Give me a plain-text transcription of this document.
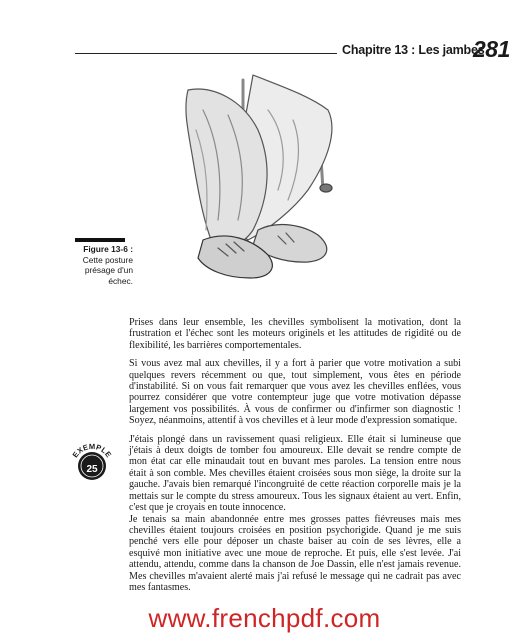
Chapitre 13 : Les jambes
281
Figure 13-6 :
Cette posture présage d'un échec.
EXEMPLE
25

Prises dans leur ensemble, les chevilles symbolisent la motivation, dont la frustration et l'échec sont les moteurs originels et les attitudes de rigidité ou de flexibilité, les barrières comportementales.

Si vous avez mal aux chevilles, il y a fort à parier que votre motivation a subi quelques revers récemment ou que, tout simplement, vous êtes en période d'instabilité. Si on vous fait remarquer que vous avez les chevilles enflées, vous pourrez considérer que votre contempteur juge que votre motivation dépasse largement vos possibilités. À vous de confirmer ou d'infirmer son diagnostic ! Soyez, néanmoins, attentif à vos chevilles et à leur mode d'expression somatique.

J'étais plongé dans un ravissement quasi religieux. Elle était si lumineuse que j'étais à deux doigts de tomber fou amoureux. Elle devait se rendre compte de mon état car elle minaudait tout en buvant mes paroles. La tension entre nous était à son comble. Mes chevilles étaient croisées sous mon siège, la droite sur la gauche. J'avais bien remarqué l'incongruité de cette réaction corporelle mais je la mettais sur le compte du stress amoureux. Tous les signaux étaient au vert. Enfin, c'est que je croyais en toute innocence.

Je tenais sa main abandonnée entre mes grosses pattes fiévreuses mais mes chevilles étaient toujours croisées en position psychorigide. Quand je me suis penché vers elle pour déposer un chaste baiser au coin de ses lèvres, elle a esquivé mon initiative avec une moue de reproche. Et puis, elle s'est levée. J'ai attendu, attendu, comme dans la chanson de Joe Dassin, elle n'est jamais revenue. Mes chevilles m'avaient alerté mais j'ai refusé le message qui ne cadrait pas avec mes fantasmes.

www.frenchpdf.com
